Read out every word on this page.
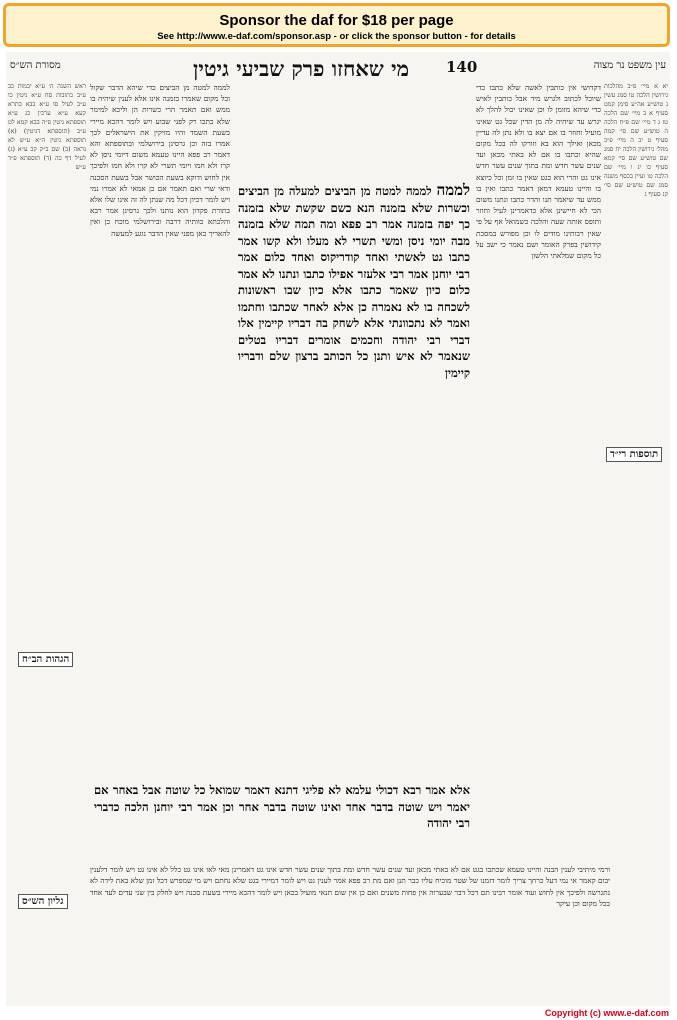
Sponsor the daf for $18 per page
See http://www.e-daf.com/sponsor.asp - or click the sponsor button - for details
עין משפט נר מצוה
140
מי שאחזו פרק שביעי גיטין
מסורת הש״ס
יא א מיי׳ פ״ב מהלכות גירושין הלכה טו סמג עשין נ טוש״ע אה״ע סימן קמט סעיף א ב מיי׳ שם הלכה טז ג ד מיי׳ שם פ״ח הלכה ה טוש״ע שם סי׳ קמה סעיף ט יב ה מיי׳ פ״ב מהל׳ גירושין הלכה יח סמג שם טוש״ע שם סי׳ קמא סעיף כו יג ו מיי׳ שם הלכה טו ועיין בכסף משנה סמג שם טוש״ע שם סי׳ קנ סעיף ג
דקדושי אין כותבין לאשה שלא כתבו כדי שיוכל לכתוב ולגרש מיד אבל כותבין לאיש כדי שיהא מזומן לו וכן שאינו יכול להלך לא יגרש עד שיהיה לה מן הדין שכל גט שאינו מועיל וחוזר בו אם יצא בו ולא נתן לה עדיין מכאן ואילך הוא בא וזורקו לה בכל מקום שהיא וכתבו בו אם לא באתי מכאן ועד שנים עשר חדש ומת בתוך שנים עשר חדש אינו גט והרי הוא כגט שאין בו זמן וכל כיוצא בו והיינו טעמא דמאן דאמר כתבו ואין בו ממש עד שיאמר תנו והדר כתבו ונתנו משום הכי לא חיישינן אלא כדאמרינן לעיל וחוזר ותופס אותה שעה והלכה כשמואל אף על פי שאין רבותינו מודים לו וכן מפורש במסכת קידושין בפרק האומר ושם נאמר כי ישב על כל מקום שמלאתי הלשון
לממה לממה למטה מן הביצים למעלה מן הביצים וכשרות שלא בזמנה הנא כשם שקשת שלא בזמנה כך יפה בזמנה אמר רב פפא ומה תמה שלא בזמנה מבה יומי ניסן ומשי תשרי לא מעלו ולא קשו אמר כתבו גט לאשתי ואחד קודריקוס ואחד כלום אמר רבי יוחנן אמר רבי אלעזר אפילו כתבו ונתנו לא אמר כלום כיון שאמר כתבו אלא כיון שבו ראשונות לשכחה בו לא נאמרה כן אלא לאחר שכתבו וחתמו ואמר לא נתכוונתי אלא לשחק בה דבריו קיימין אלו דברי רבי יהודה וחכמים אומרים דבריו בטלים שנאמר לא איש ותנן כל הכותב ברצון שלם ודבריו קיימין
אלא אמר רבא דכולי עלמא לא פליגי דתנא דאמר שמואל כל שוטה אבל באחר אם יאמר ויש שוטה בדבר אחד ואינו שוטה בדבר אחר וכן אמר רבי יוחנן הלכה כדברי רבי יהודה
לממה למטה מן הביצים כדי שיהא הדבר שקול וכל מקום שאמרו בזמנה אינו אלא לענין שיהיה בו ממש ואם תאמר הרי כשרות הן וליכא למימר שלא כתבו רק לפני שבוע ויש לומר דהכא מיירי בשעת השמד והיו מזיקין את הישראלים לכך אמרו בזה וכן גרסינן בירושלמי ובתוספתא והא דאמר רב פפא היינו טעמא משום דיומי ניסן לא קרו ולא חמו ויומי תשרי לא קרו ולא חמו ולפיכך אין לחוש ודוקא בשעת הכושר אבל בשעת הסכנה ודאי שרי ואם תאמר אם כן אמאי לא אמרו נמי ויש לומר דכיון דכל מה שנתן לה זה אינו שלו אלא בתורת פקדון הוא נותנו ולכך גרסינן אמר רבא והלכתא כוותיה דרבה ובירושלמי מוכח כן ואין להאריך כאן מפני שאין הדבר נוגע למעשה
ראש השנה ה׳ ע״א יבמות כב ע״ב כתובות סח ע״א גיטין כו ע״ב לעיל סו ע״א בבא בתרא קעא ע״א ערכין כג ע״א תוספתא גיטין פ״ה בבא קמא לט ע״ב (תוספתא דגיטין) (א) תוספתא גיטין ה״א ע״ש לא נראה (ב) שם ב״ק קב ע״א (ג) לעיל דף כה (ד) תוספתא פ״ד ע״ש
תוספות רי״ד
הגהות הב״ח
גליון הש״ס
ורמי מיתיבי לענין הבנה והיינו טעמא שכתבו בגט אם לא באתי מכאן ועד שנים עשר חדש ומת בתוך שנים עשר חדש אינו גט דאמרינן מאי לאו אינו גט כלל לא אינו גט ויש לומר דלענין יבום קאמר אי נמי דעל כרחך צריך לומר דזמנו של שטר מוכיח עליו כבר תנן ואם מת רב פפא אמר לענין גט ויש לומר דמיירי בגט שלא נחתם ויש מי שמפרש דכל זמן שלא באת לידה לא נתגרשה ולפיכך אין לחוש ועוד אומר רבינו תם דכל דבר שבערוה אין פחות משנים ואם כן אין שום תנאי מועיל בכאן ויש לומר דהכא מיירי בשעת סכנה ויש לחלק בין שני עדים לעד אחד בכל מקום וכן עיקר
Copyright (c) www.e-daf.com
